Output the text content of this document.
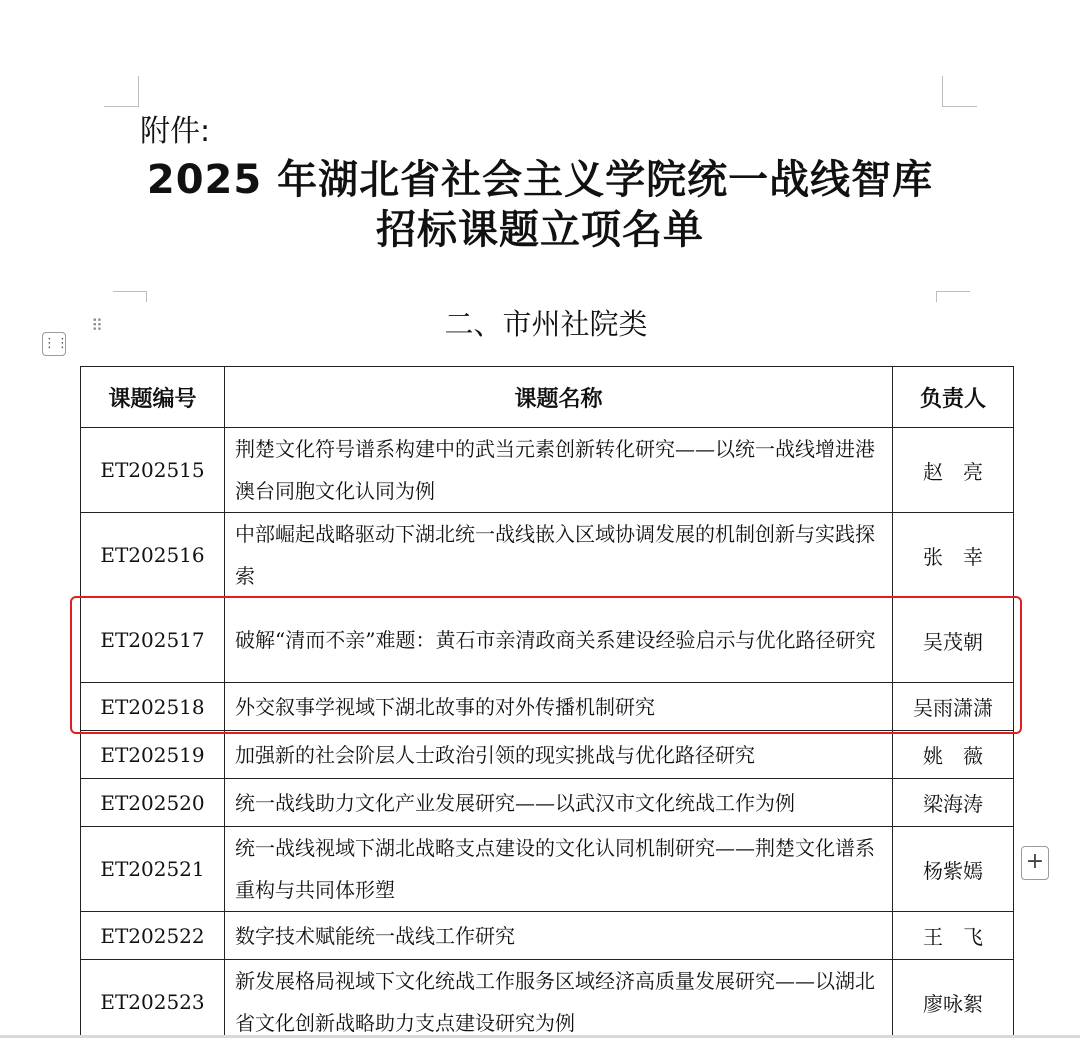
附件:
2025 年湖北省社会主义学院统一战线智库
招标课题立项名单
二、市州社院类
⋮⋮
⠿
课题编号	课题名称	负责人
ET202515	荆楚文化符号谱系构建中的武当元素创新转化研究——以统一战线增进港澳台同胞文化认同为例	赵　亮
ET202516	中部崛起战略驱动下湖北统一战线嵌入区域协调发展的机制创新与实践探索	张　幸
ET202517	破解“清而不亲”难题：黄石市亲清政商关系建设经验启示与优化路径研究	吴茂朝
ET202518	外交叙事学视域下湖北故事的对外传播机制研究	吴雨潇潇
ET202519	加强新的社会阶层人士政治引领的现实挑战与优化路径研究	姚　薇
ET202520	统一战线助力文化产业发展研究——以武汉市文化统战工作为例	梁海涛
ET202521	统一战线视域下湖北战略支点建设的文化认同机制研究——荆楚文化谱系重构与共同体形塑	杨紫嫣
ET202522	数字技术赋能统一战线工作研究	王　飞
ET202523	新发展格局视域下文化统战工作服务区域经济高质量发展研究——以湖北省文化创新战略助力支点建设研究为例	廖咏絮
+
